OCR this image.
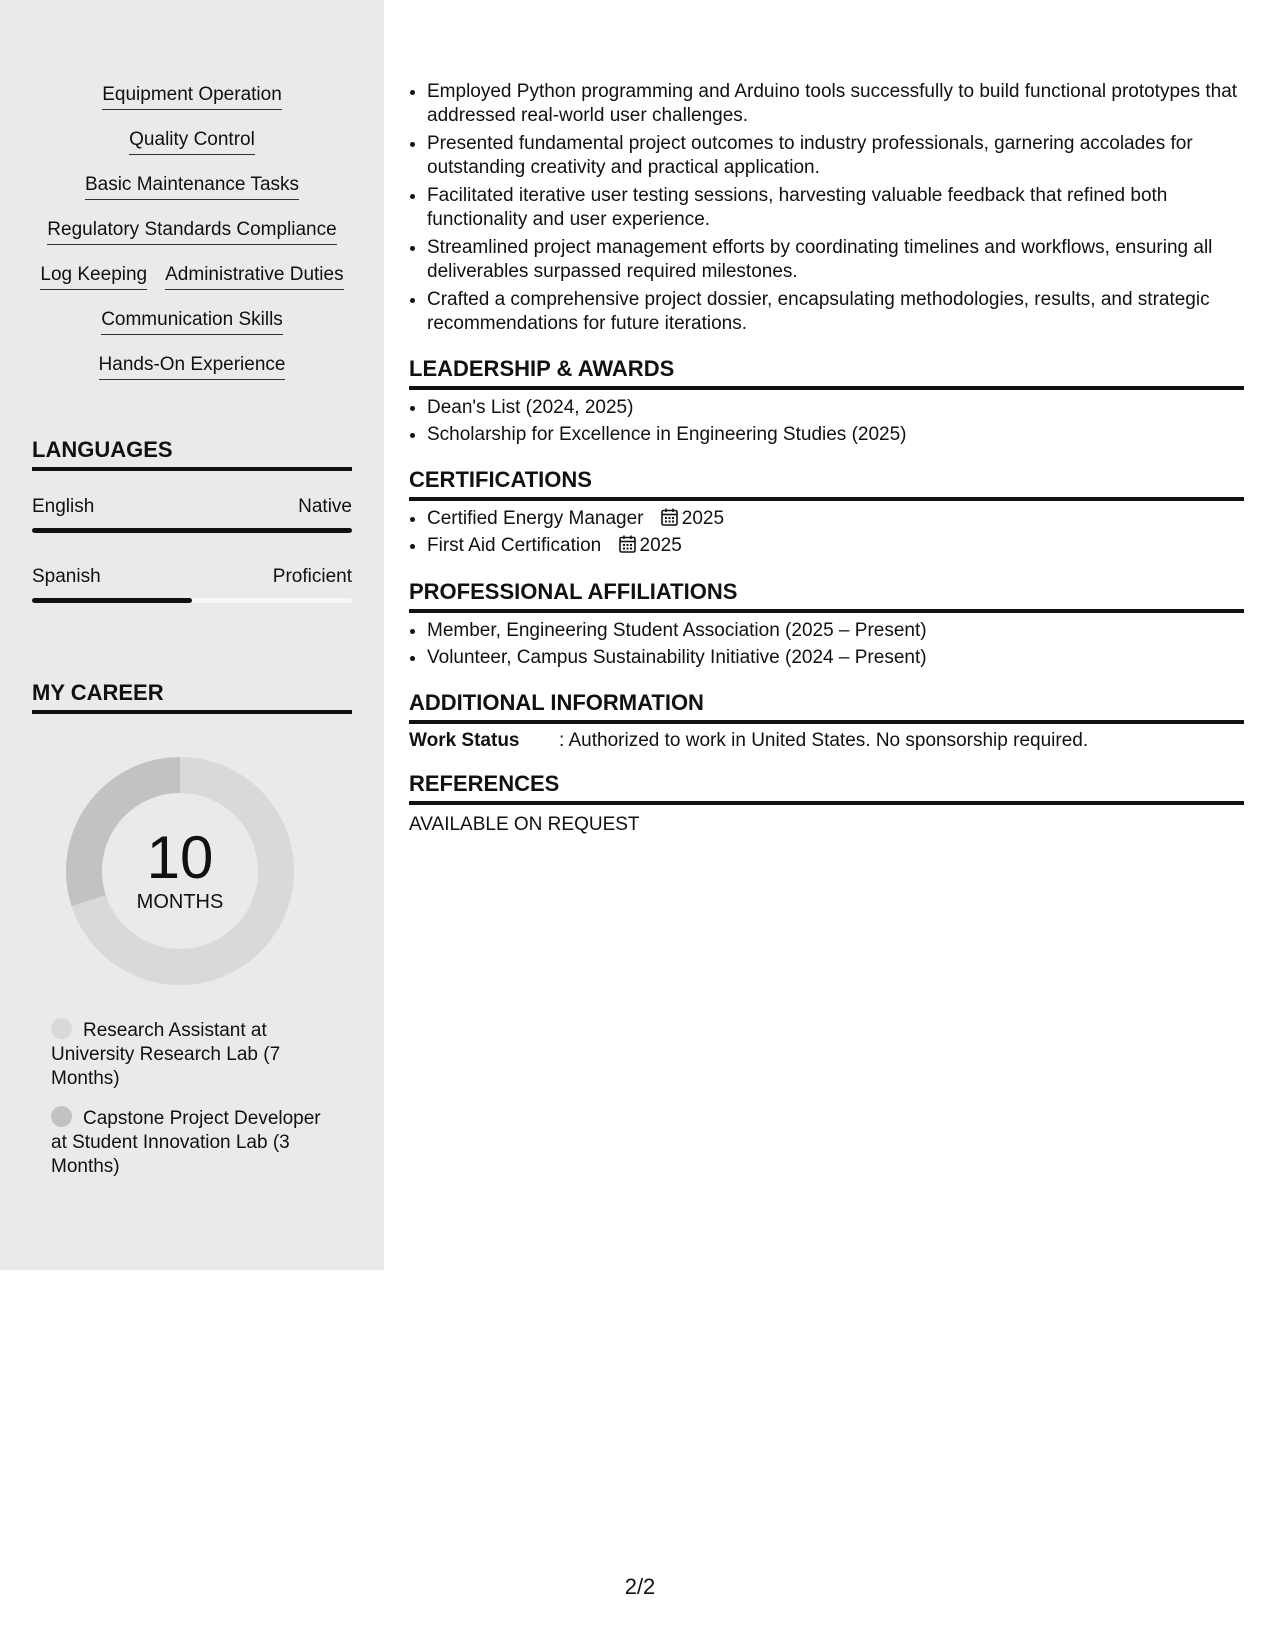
Equipment Operation
Quality Control
Basic Maintenance Tasks
Regulatory Standards Compliance
Log Keeping Administrative Duties
Communication Skills
Hands-On Experience
LANGUAGES
English	Native
Spanish	Proficient
MY CAREER
10
MONTHS
Research Assistant at University Research Lab (7 Months)
Capstone Project Developer at Student Innovation Lab (3 Months)
• Employed Python programming and Arduino tools successfully to build functional prototypes that addressed real-world user challenges.
• Presented fundamental project outcomes to industry professionals, garnering accolades for outstanding creativity and practical application.
• Facilitated iterative user testing sessions, harvesting valuable feedback that refined both functionality and user experience.
• Streamlined project management efforts by coordinating timelines and workflows, ensuring all deliverables surpassed required milestones.
• Crafted a comprehensive project dossier, encapsulating methodologies, results, and strategic recommendations for future iterations.
LEADERSHIP & AWARDS
• Dean's List (2024, 2025)
• Scholarship for Excellence in Engineering Studies (2025)
CERTIFICATIONS
• Certified Energy Manager 2025
• First Aid Certification 2025
PROFESSIONAL AFFILIATIONS
• Member, Engineering Student Association (2025 – Present)
• Volunteer, Campus Sustainability Initiative (2024 – Present)
ADDITIONAL INFORMATION
Work Status	: Authorized to work in United States. No sponsorship required.
REFERENCES
AVAILABLE ON REQUEST
2/2
